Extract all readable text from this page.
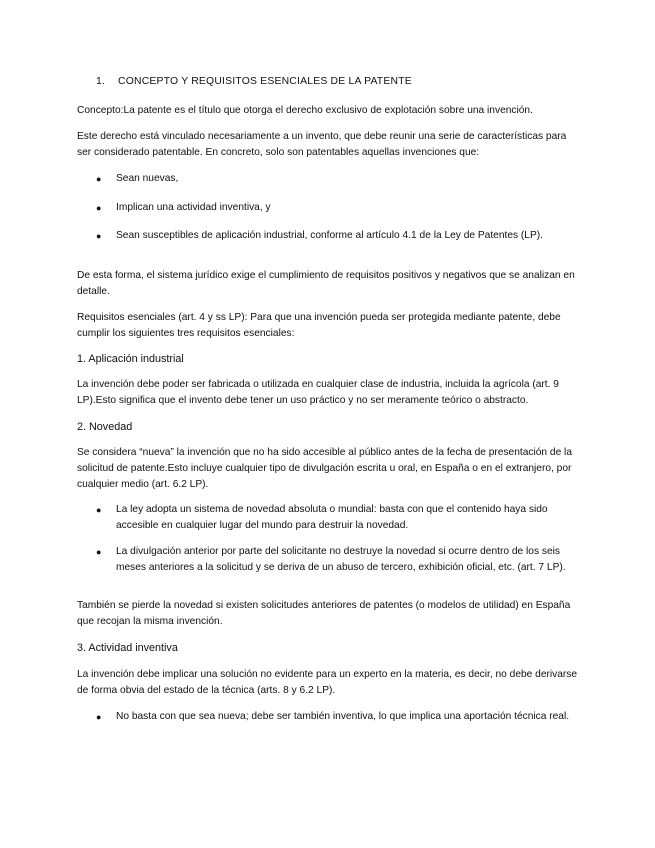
1. CONCEPTO Y REQUISITOS ESENCIALES DE LA PATENTE

Concepto:La patente es el título que otorga el derecho exclusivo de explotación sobre una invención.

Este derecho está vinculado necesariamente a un invento, que debe reunir una serie de características para ser considerado patentable. En concreto, solo son patentables aquellas invenciones que:

●	Sean nuevas,
●	Implican una actividad inventiva, y
●	Sean susceptibles de aplicación industrial, conforme al artículo 4.1 de la Ley de Patentes (LP).

De esta forma, el sistema jurídico exige el cumplimiento de requisitos positivos y negativos que se analizan en detalle.

Requisitos esenciales (art. 4 y ss LP): Para que una invención pueda ser protegida mediante patente, debe cumplir los siguientes tres requisitos esenciales:

1. Aplicación industrial

La invención debe poder ser fabricada o utilizada en cualquier clase de industria, incluida la agrícola (art. 9 LP).Esto significa que el invento debe tener un uso práctico y no ser meramente teórico o abstracto.

2. Novedad

Se considera “nueva” la invención que no ha sido accesible al público antes de la fecha de presentación de la solicitud de patente.Esto incluye cualquier tipo de divulgación escrita u oral, en España o en el extranjero, por cualquier medio (art. 6.2 LP).

●	La ley adopta un sistema de novedad absoluta o mundial: basta con que el contenido haya sido accesible en cualquier lugar del mundo para destruir la novedad.
●	La divulgación anterior por parte del solicitante no destruye la novedad si ocurre dentro de los seis meses anteriores a la solicitud y se deriva de un abuso de tercero, exhibición oficial, etc. (art. 7 LP).

También se pierde la novedad si existen solicitudes anteriores de patentes (o modelos de utilidad) en España que recojan la misma invención.

3. Actividad inventiva

La invención debe implicar una solución no evidente para un experto en la materia, es decir, no debe derivarse de forma obvia del estado de la técnica (arts. 8 y 6.2 LP).

●	No basta con que sea nueva; debe ser también inventiva, lo que implica una aportación técnica real.
